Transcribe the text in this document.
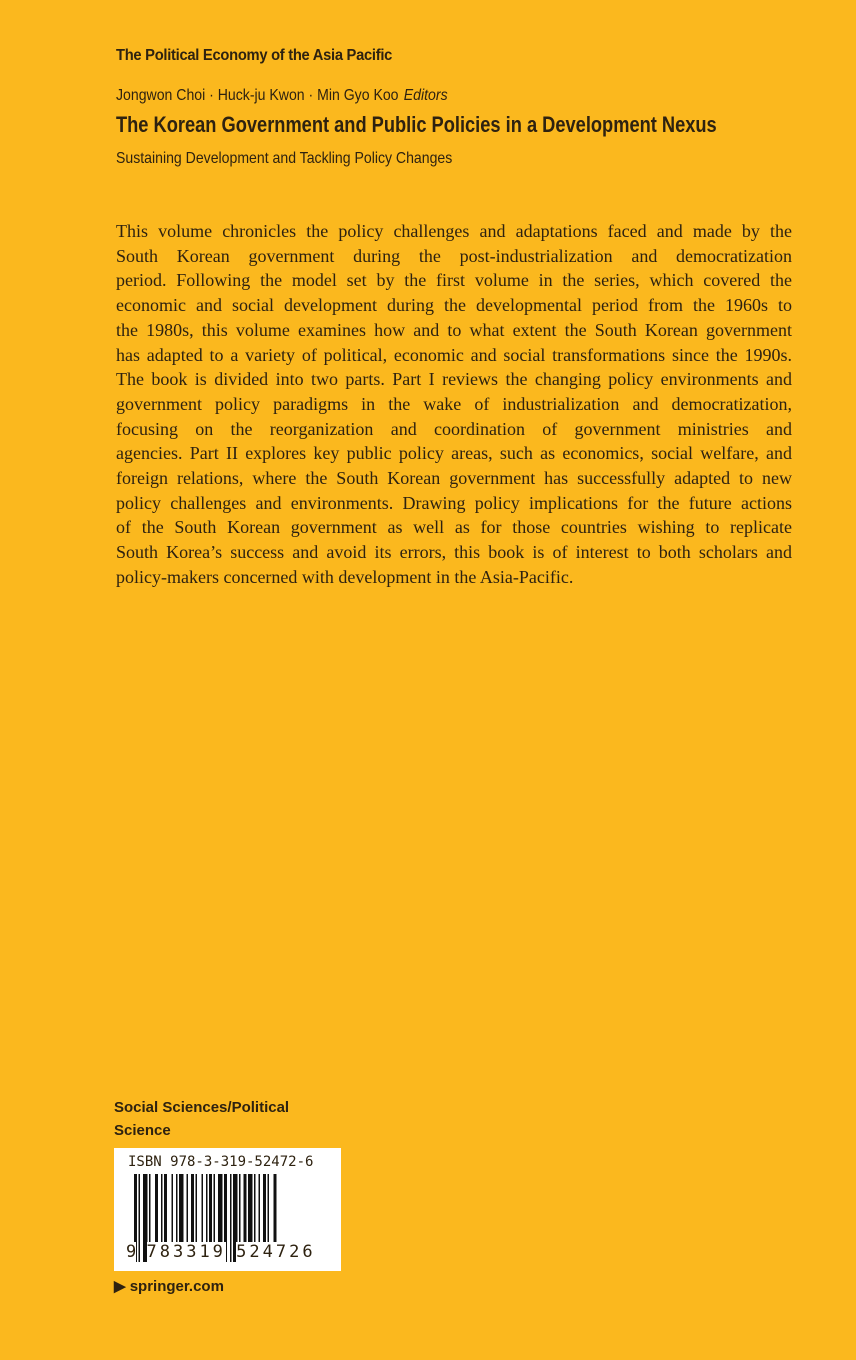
The Political Economy of the Asia Pacific
Jongwon Choi · Huck-ju Kwon · Min Gyo Koo Editors
The Korean Government and Public Policies in a Development Nexus
Sustaining Development and Tackling Policy Changes
This volume chronicles the policy challenges and adaptations faced and made by the
South Korean government during the post-industrialization and democratization
period. Following the model set by the first volume in the series, which covered the
economic and social development during the developmental period from the 1960s to
the 1980s, this volume examines how and to what extent the South Korean government
has adapted to a variety of political, economic and social transformations since the 1990s.
The book is divided into two parts. Part I reviews the changing policy environments and
government policy paradigms in the wake of industrialization and democratization,
focusing on the reorganization and coordination of government ministries and
agencies. Part II explores key public policy areas, such as economics, social welfare, and
foreign relations, where the South Korean government has successfully adapted to new
policy challenges and environments. Drawing policy implications for the future actions
of the South Korean government as well as for those countries wishing to replicate
South Korea’s success and avoid its errors, this book is of interest to both scholars and
policy-makers concerned with development in the Asia-Pacific.
Social Sciences/Political
Science
ISBN 978-3-319-52472-6
9 783319 524726
▶ springer.com
